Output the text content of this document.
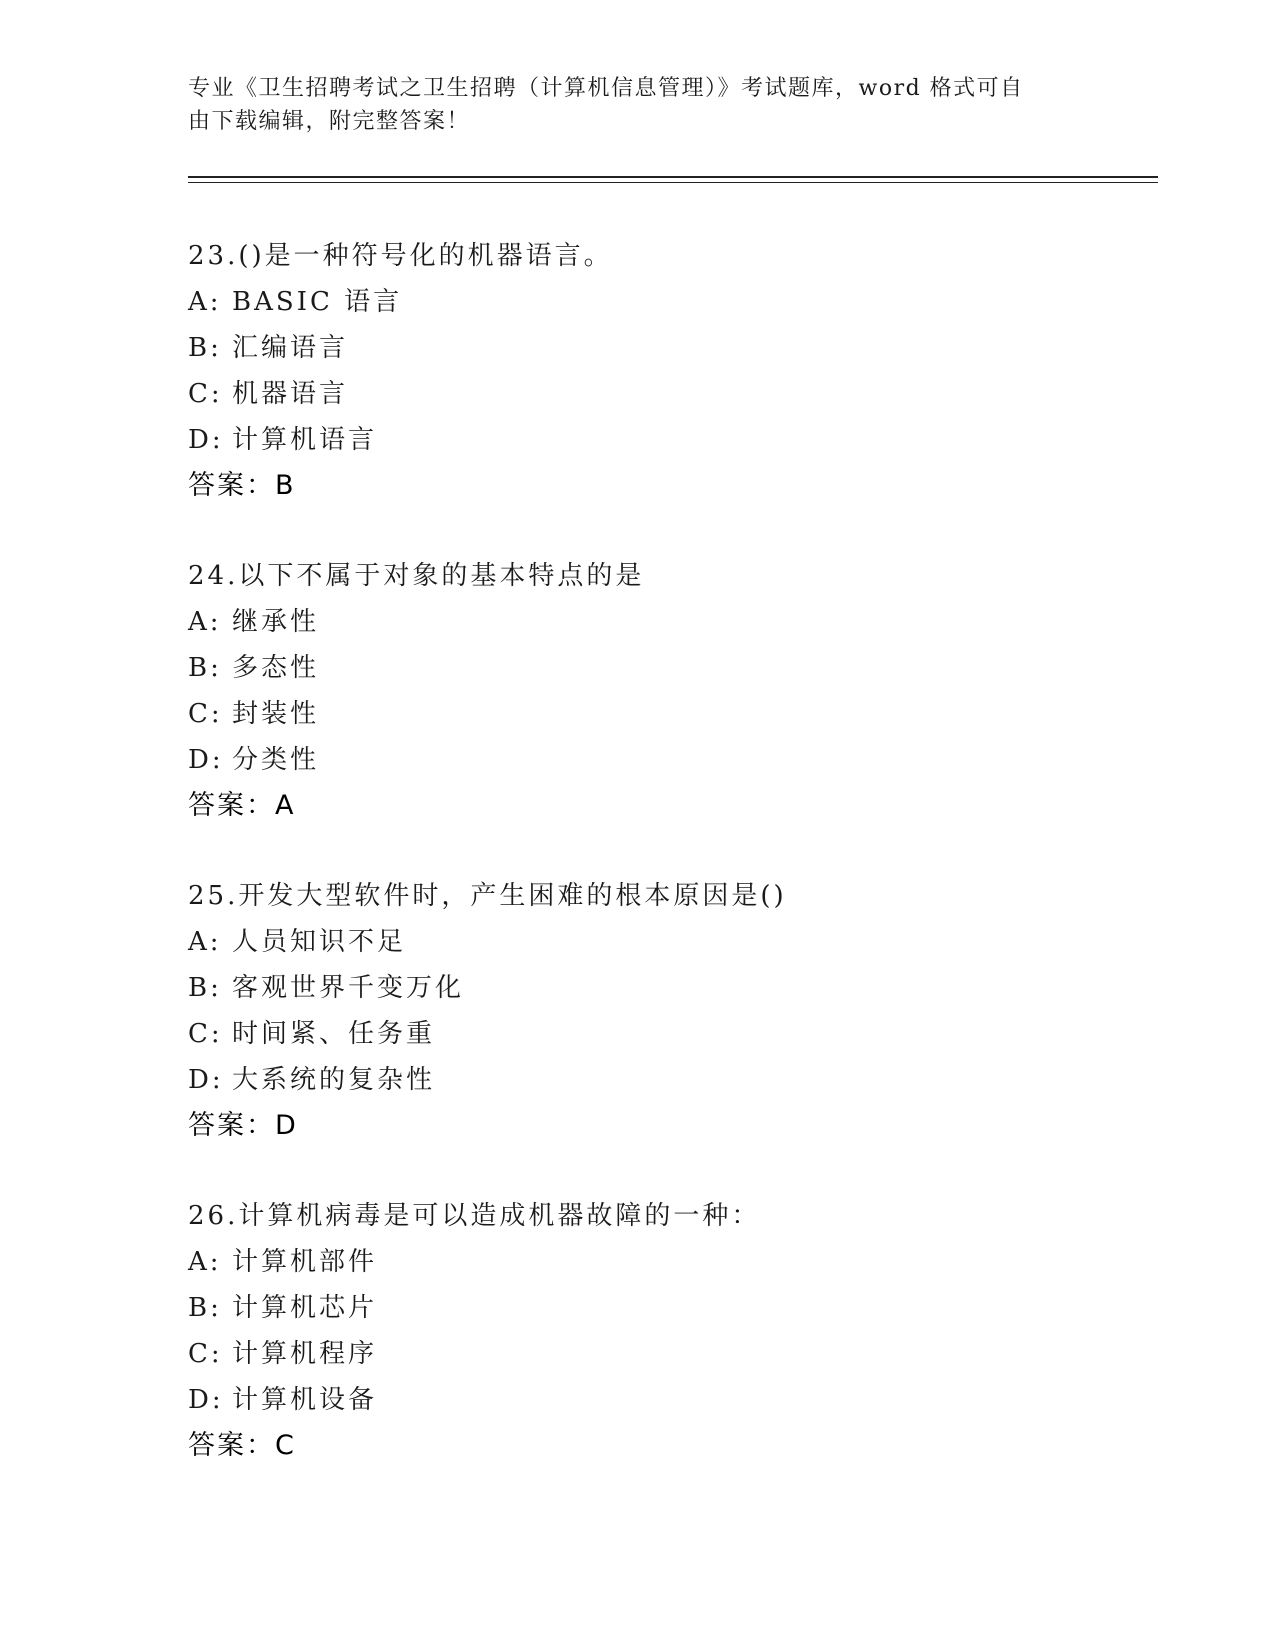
专业《卫生招聘考试之卫生招聘（计算机信息管理）》考试题库，word 格式可自
由下载编辑，附完整答案！
23.()是一种符号化的机器语言。
A: BASIC 语言
B: 汇编语言
C: 机器语言
D: 计算机语言
答案：B
24.以下不属于对象的基本特点的是
A: 继承性
B: 多态性
C: 封装性
D: 分类性
答案：A
25.开发大型软件时，产生困难的根本原因是()
A: 人员知识不足
B: 客观世界千变万化
C: 时间紧、任务重
D: 大系统的复杂性
答案：D
26.计算机病毒是可以造成机器故障的一种：
A: 计算机部件
B: 计算机芯片
C: 计算机程序
D: 计算机设备
答案：C
